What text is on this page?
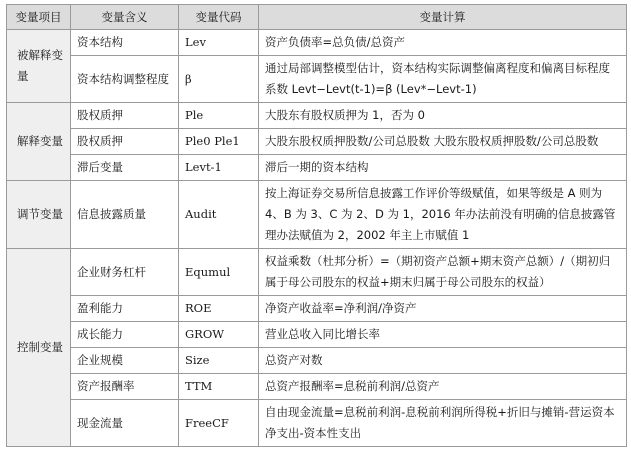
变量项目	变量含义	变量代码	变量计算
被解释变量	资本结构	Lev	资产负债率=总负债/总资产
	资本结构调整程度	β	通过局部调整模型估计，资本结构实际调整偏离程度和偏离目标程度系数 Levt−Levt(t-1)=β (Lev*−Levt-1)
解释变量	股权质押	Ple	大股东有股权质押为 1，否为 0
	股权质押	Ple0 Ple1	大股东股权质押股数/公司总股数 大股东股权质押股数/公司总股数
	滞后变量	Levt-1	滞后一期的资本结构
调节变量	信息披露质量	Audit	按上海证券交易所信息披露工作评价等级赋值，如果等级是 A 则为 4、B 为 3、C 为 2、D 为 1，2016 年办法前没有明确的信息披露管理办法赋值为 2，2002 年主上市赋值 1
控制变量	企业财务杠杆	Equmul	权益乘数（杜邦分析）=（期初资产总额+期末资产总额）/（期初归属于母公司股东的权益+期末归属于母公司股东的权益）
	盈利能力	ROE	净资产收益率=净利润/净资产
	成长能力	GROW	营业总收入同比增长率
	企业规模	Size	总资产对数
	资产报酬率	TTM	总资产报酬率=息税前利润/总资产
	现金流量	FreeCF	自由现金流量=息税前利润-息税前利润所得税+折旧与摊销-营运资本净支出-资本性支出
